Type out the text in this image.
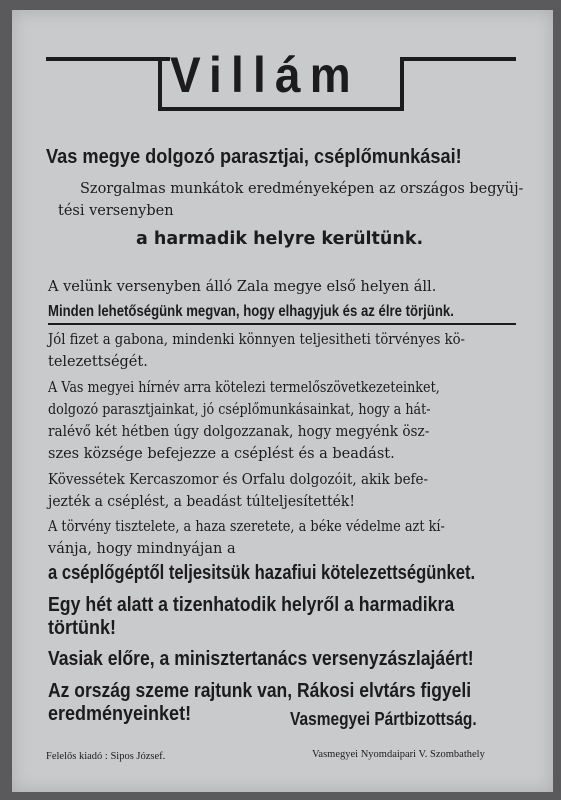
Villám
Vas megye dolgozó parasztjai, cséplőmunkásai!
Szorgalmas munkátok eredményeképen az országos begyüj-
tési versenyben
a harmadik helyre kerültünk.
A velünk versenyben álló Zala megye első helyen áll.
Minden lehetőségünk megvan, hogy elhagyjuk és az élre törjünk.
Jól fizet a gabona, mindenki könnyen teljesitheti törvényes kö-
telezettségét.
A Vas megyei hírnév arra kötelezi termelőszövetkezeteinket,
dolgozó parasztjainkat, jó cséplőmunkásainkat, hogy a hát-
ralévő két hétben úgy dolgozzanak, hogy megyénk ösz-
szes községe befejezze a cséplést és a beadást.
Kövessétek Kercaszomor és Orfalu dolgozóit, akik befe-
jezték a cséplést, a beadást túlteljesítették!
A törvény tisztelete, a haza szeretete, a béke védelme azt kí-
vánja, hogy mindnyájan a
a cséplőgéptől teljesitsük hazafiui kötelezettségünket.
Egy hét alatt a tizenhatodik helyről a harmadikra
törtünk!
Vasiak előre, a minisztertanács versenyzászlajáért!
Az ország szeme rajtunk van, Rákosi elvtárs figyeli
eredményeinket!	Vasmegyei Pártbizottság.
Felelős kiadó : Sipos József.	Vasmegyei Nyomdaipari V. Szombathely
